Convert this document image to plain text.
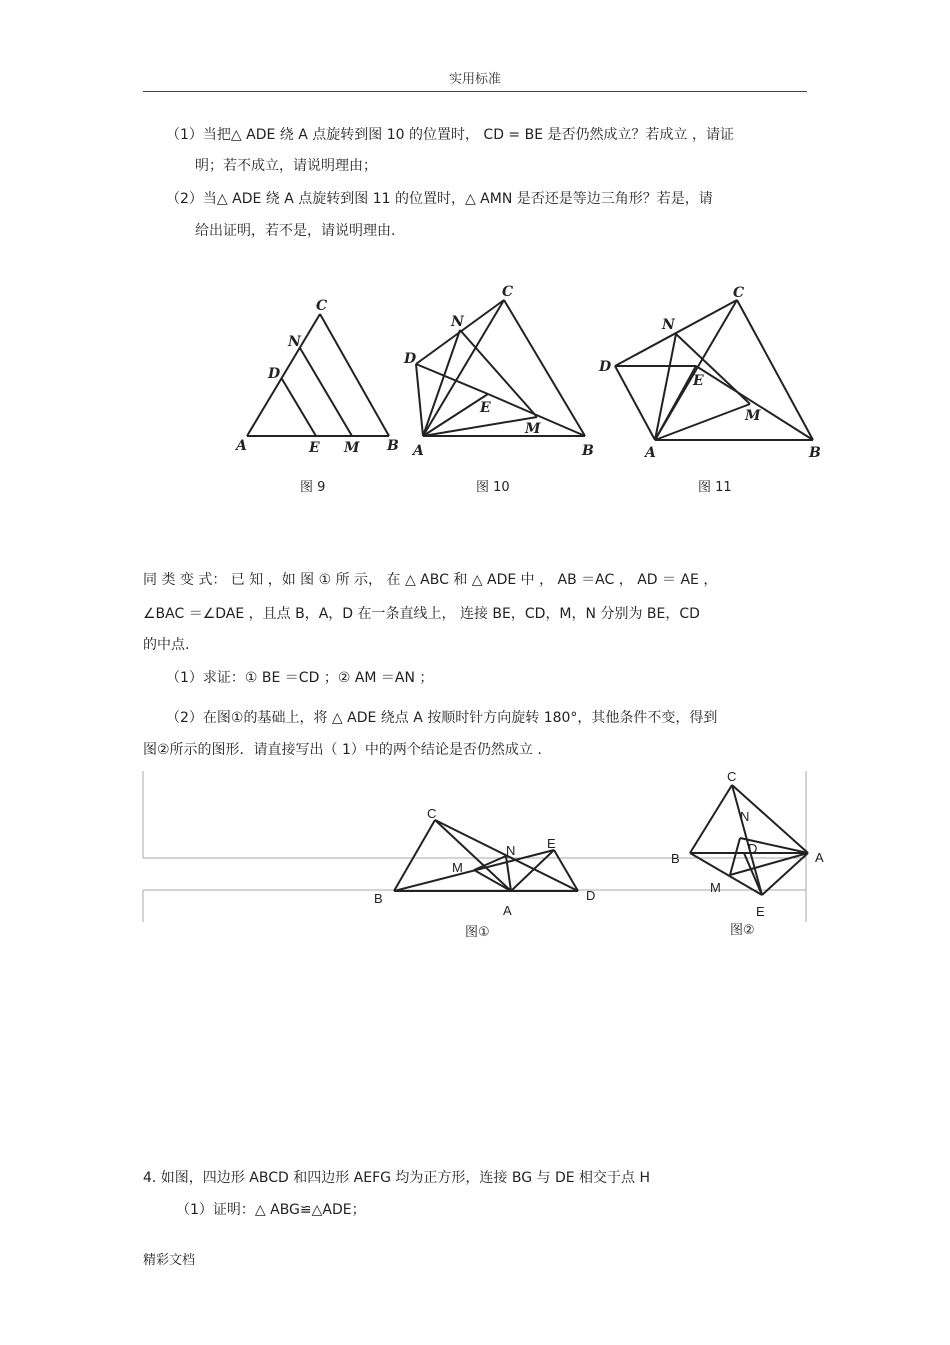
实用标准
（1）当把△ ADE 绕 A 点旋转到图 10 的位置时， CD = BE 是否仍然成立？若成立 ，请证
明；若不成立，请说明理由；
（2）当△ ADE 绕 A 点旋转到图 11 的位置时，△ AMN 是否还是等边三角形？若是，请
给出证明，若不是，请说明理由.
C
N
D
A	E M B
C
N
D
E
M
A	B
C
N
D
E
M
A	B
图 9	图 10	图 11
C
E
N
M
B
A
D
图①
C
N
D
B	A
M
E
图②
同 类 变 式： 已 知 ，如 图 ① 所 示， 在 △ ABC 和 △ ADE 中 ， AB ＝AC ， AD ＝ AE ，
∠BAC ＝∠DAE ，且点 B，A，D 在一条直线上， 连接 BE，CD，M，N 分别为 BE，CD
的中点.
（1）求证：① BE ＝CD ；② AM ＝AN ；
（2）在图①的基础上，将 △ ADE 绕点 A 按顺时针方向旋转 180°，其他条件不变，得到
图②所示的图形．请直接写出（ 1）中的两个结论是否仍然成立 .
4. 如图，四边形 ABCD 和四边形 AEFG 均为正方形，连接 BG 与 DE 相交于点 H
（1）证明：△ ABG≌△ADE；
精彩文档
